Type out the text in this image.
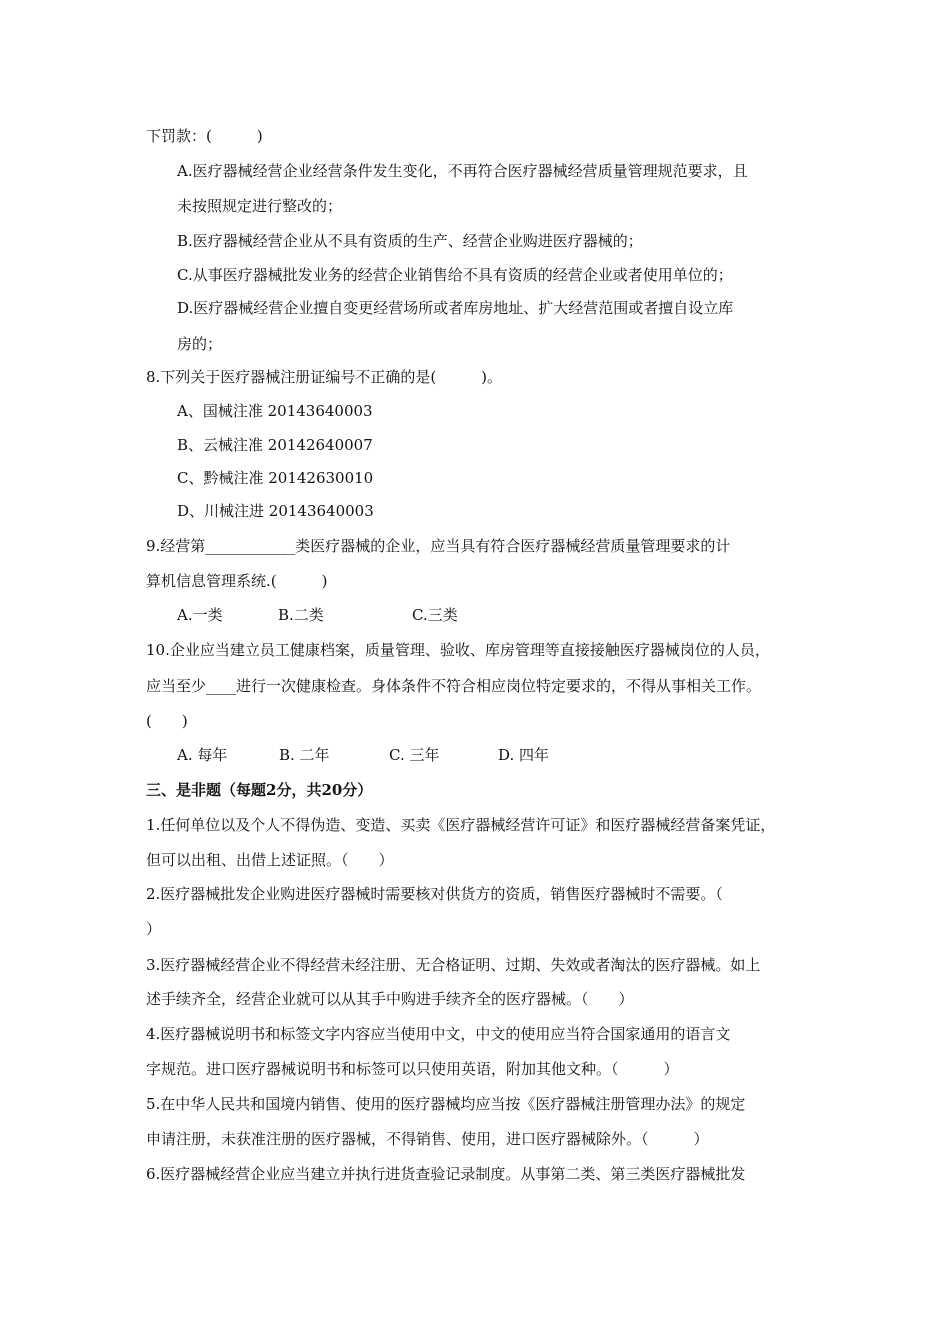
下罚款：(　　　)
A.医疗器械经营企业经营条件发生变化，不再符合医疗器械经营质量管理规范要求，且
未按照规定进行整改的；
B.医疗器械经营企业从不具有资质的生产、经营企业购进医疗器械的；
C.从事医疗器械批发业务的经营企业销售给不具有资质的经营企业或者使用单位的；
D.医疗器械经营企业擅自变更经营场所或者库房地址、扩大经营范围或者擅自设立库
房的；
8.下列关于医疗器械注册证编号不正确的是(　　　)。
A、国械注准 20143640003
B、云械注准 20142640007
C、黔械注准 20142630010
D、川械注进 20143640003
9.经营第____________类医疗器械的企业，应当具有符合医疗器械经营质量管理要求的计
算机信息管理系统.(　　　)
A.一类	B.二类	C.三类
10.企业应当建立员工健康档案，质量管理、验收、库房管理等直接接触医疗器械岗位的人员，
应当至少____进行一次健康检查。身体条件不符合相应岗位特定要求的，不得从事相关工作。
(　　)
A. 每年	B. 二年	C. 三年	D. 四年
三、是非题（每题2分，共20分）
1.任何单位以及个人不得伪造、变造、买卖《医疗器械经营许可证》和医疗器械经营备案凭证，
但可以出租、出借上述证照。（　　）
2.医疗器械批发企业购进医疗器械时需要核对供货方的资质，销售医疗器械时不需要。（
）
3.医疗器械经营企业不得经营未经注册、无合格证明、过期、失效或者淘汰的医疗器械。如上
述手续齐全，经营企业就可以从其手中购进手续齐全的医疗器械。（　　）
4.医疗器械说明书和标签文字内容应当使用中文，中文的使用应当符合国家通用的语言文
字规范。进口医疗器械说明书和标签可以只使用英语，附加其他文种。（　　　）
5.在中华人民共和国境内销售、使用的医疗器械均应当按《医疗器械注册管理办法》的规定
申请注册，未获准注册的医疗器械，不得销售、使用，进口医疗器械除外。（　　　）
6.医疗器械经营企业应当建立并执行进货查验记录制度。从事第二类、第三类医疗器械批发
